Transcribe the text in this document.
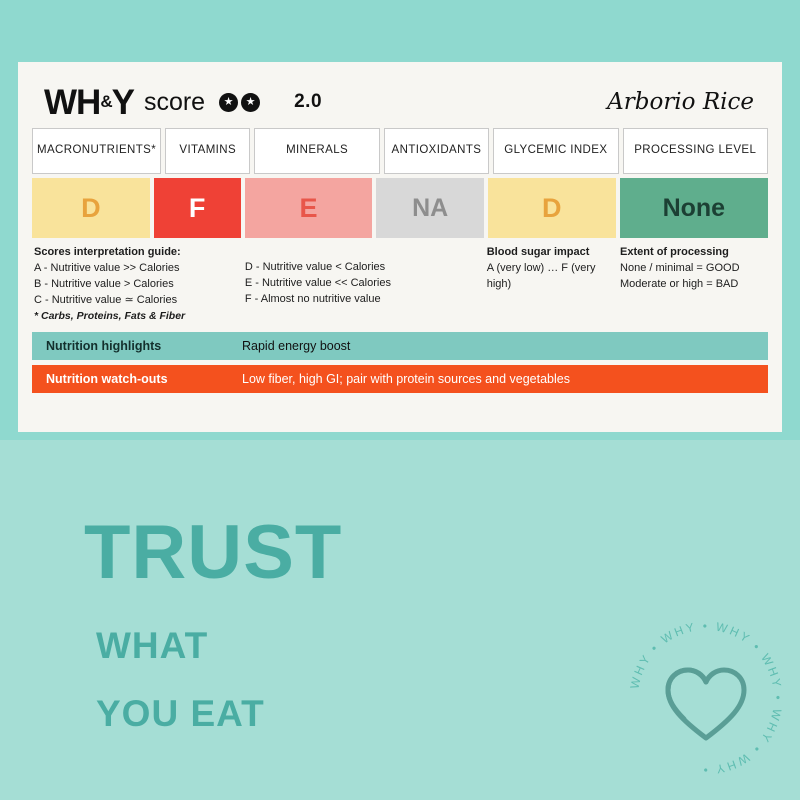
WH&Y score	★	★ 2.0	Arborio Rice
MACRONUTRIENTS*	VITAMINS	MINERALS	ANTIOXIDANTS	GLYCEMIC INDEX	PROCESSING LEVEL
D	F	E	NA	D	None
Scores interpretation guide:
A - Nutritive value >> Calories
B - Nutritive value > Calories
C - Nutritive value ≃ Calories
* Carbs, Proteins, Fats & Fiber
D - Nutritive value < Calories
E - Nutritive value << Calories
F - Almost no nutritive value
Blood sugar impact
A (very low) … F (very high)
Extent of processing
None / minimal = GOOD
Moderate or high = BAD
Nutrition highlights	Rapid energy boost
Nutrition watch-outs	Low fiber, high GI; pair with protein sources and vegetables
TRUST
WHAT
YOU EAT
WHY • WHY • WHY • WHY • WHY • WHY •
